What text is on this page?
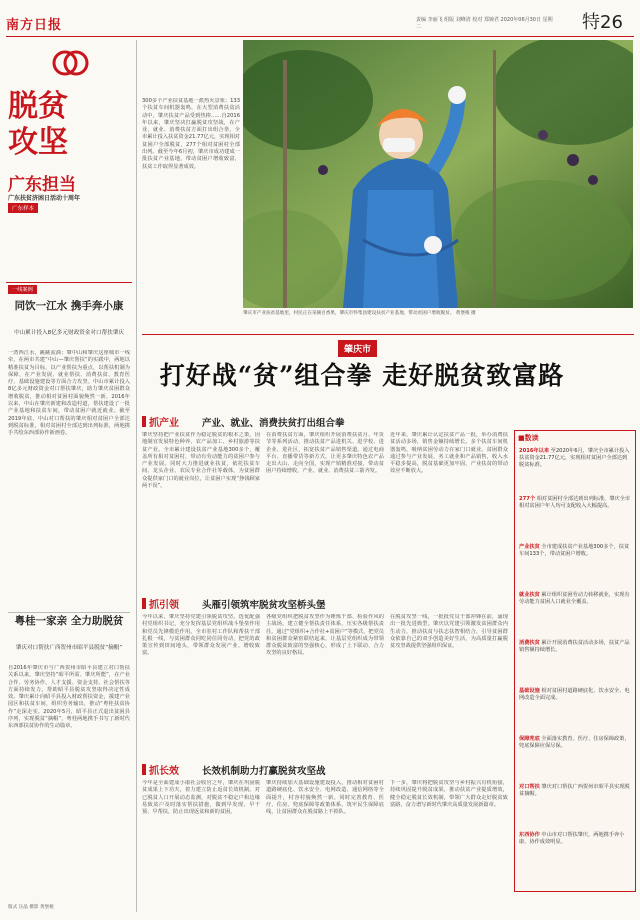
南方日报
脱贫
攻坚
广东担当
广东扶贫济困日活动十周年
广东样本
责编 李丽飞 组版 刘峰清 校对 郑婉君 2020年06月30日 星期二	特26
一线案例
同饮一江水 携手奔小康
中山累计投入8亿多元财政资金对口帮扶肇庆
一湾西江水，跳跳流淌；肇中山和肇庆这座城市一线牵，在两市共建“中山—肇庆帮扶”的实践中，两地以精准扶贫为目标，以产业帮扶为重点，以帮扶机制为保障，在产业发展、就业帮扶、消费扶贫、教育医疗、基础设施建设等方面合力攻坚。中山市累计投入8亿多元财政资金对口帮扶肇庆，助力肇庆贫困群众增收脱贫，推动相对贫困村面貌焕然一新。2016年以来，中山在肇庆新建和改造村道，帮扶建设了一批产业基地和扶贫车间，带动贫困户就近就业。截至2019年底，中山对口帮扶的肇庆相对贫困户全部达到脱贫标准，相对贫困村全部达到出列标准，两地携手共绘东西部协作新画卷。
粤桂一家亲 全力助脱贫
肇庆对口帮扶广西贺州市昭平县脱贫“摘帽”
自2016年肇庆市与广西贺州市昭平县建立对口帮扶关系以来，肇庆坚持“昭平所需、肇庆所能”，在产业合作、劳务协作、人才支援、资金支持、社会帮扶等方面持续发力，帮助昭平县脱贫攻坚取得决定性成效。肇庆累计向昭平县投入财政帮扶资金，援建产业园区和扶贫车间，组织劳务输出，推动“粤桂扶贫协作”走深走实。2020年5月，昭平县正式退出贫困县序列，实现脱贫“摘帽”，粤桂两地携手书写了新时代东西部扶贫协作的生动篇章。
版式 汪晶 摄影 黄堡根
300多个产业扶贫基地一派热火景象；133个扶贫车间机器轰鸣，在大型消费扶贫活动中，肇庆扶贫产品受到热捧……自2016年以来，肇庆坚决打赢脱贫攻坚战，在产业、就业、消费扶贫方面打出组合拳，全市累计投入扶贫资金21.77亿元，实现相对贫困户全部脱贫，277个相对贫困村全部出列。截至今年6月初，肇庆市成功建成一批扶贫产业基地，带动贫困户增收致富，扶贫工作取得显著成效。
肇庆市产业扶贫基地里，村民正在采摘百香果，肇庆市怀集县建设扶贫产业基地，带动贫困户增收脱贫。 黄堡根 摄
肇庆市
打好战“贫”组合拳 走好脱贫致富路
抓产业 产业、就业、消费扶贫打出组合拳
肇庆坚持把产业扶贫作为稳定脱贫的根本之策，因地制宜发展特色种养、农产品加工、乡村旅游等扶贫产业。全市累计建设扶贫产业基地300多个，覆盖所有相对贫困村，带动有劳动能力的贫困户参与产业发展。同时大力推进就业扶贫，依托扶贫车间、龙头企业、农民专业合作社等载体，为贫困群众提供家门口的就业岗位，让贫困户实现“挣钱顾家两不误”。
在消费扶贫方面，肇庆组织开展消费扶贫月、年货节等系列活动，推动扶贫产品进机关、进学校、进企业、进社区，拓宽扶贫产品销售渠道。通过电商平台、直播带货等新方式，让更多肇庆特色农产品走出大山、走向全国，实现产销精准对接，带动贫困户持续增收，产业、就业、消费扶贫三箭齐发。
近年来，肇庆累计认定扶贫产品一批，举办消费扶贫活动多场，销售金额持续增长。多个扶贫车间机器轰鸣，吸纳贫困劳动力在家门口就业。贫困群众通过参与产业发展、务工就业和产品销售，收入水平稳步提高，脱贫基础更加牢固，产业扶贫的带动效应不断放大。
抓引领 头雁引领筑牢脱贫攻坚桥头堡
今年以来，肇庆坚持党建引领脱贫攻坚，选优配强村党组织书记，充分发挥基层党组织战斗堡垒作用和党员先锋模范作用。全市驻村工作队和帮扶干部扎根一线，与贫困群众同吃同住同劳动，把党的政策宣传到田间地头，带领群众发展产业、增收致富。
各级党组织把脱贫攻坚作为锤炼干部、检验作风的主战场，建立健全帮扶责任体系，压实各级帮扶责任。通过“党组织+合作社+贫困户”等模式，把党员和贫困群众紧密联结起来，让基层党组织成为带领群众脱贫致富的坚强核心，形成了上下联动、合力攻坚的良好格局。
在脱贫攻坚一线，一批批党员干部冲锋在前，涌现出一批先进典型。肇庆以党建引领激发贫困群众内生动力，推动扶贫与扶志扶智相结合，引导贫困群众依靠自己的双手创造美好生活，为高质量打赢脱贫攻坚战提供坚强组织保证。
抓长效 长效机制助力打赢脱贫攻坚战
今年是全面建成小康社会收官之年，肇庆在巩固脱贫成果上下功夫，着力建立防止返贫长效机制。对已脱贫人口开展动态监测，对脱贫不稳定户和边缘易致贫户及时落实帮扶措施，做到早发现、早干预、早帮扶，防止出现返贫和新的贫困。
肇庆持续加大基础设施建设投入，推动相对贫困村道路硬底化、饮水安全、电网改造、通信网络等全面提升，村容村貌焕然一新。同时完善教育、医疗、住房、兜底保障等政策体系，筑牢民生保障底线，让贫困群众在脱贫路上不掉队。
下一步，肇庆将把脱贫攻坚与乡村振兴有机衔接，持续巩固提升脱贫成果，推动扶贫产业提质增效，健全稳定脱贫长效机制，带领广大群众走好脱贫致富路，奋力谱写新时代肇庆高质量发展新篇章。
■数读
2016年以来 至2020年6月，肇庆全市累计投入扶贫资金21.77亿元，实现相对贫困户全部达到脱贫标准。
277个 相对贫困村全部达到出列标准，肇庆全市相对贫困户年人均可支配收入大幅提高。
产业扶贫 全市建成扶贫产业基地300多个，扶贫车间133个，带动贫困户增收。
就业扶贫 累计组织贫困劳动力转移就业，实现有劳动能力贫困人口就业全覆盖。
消费扶贫 累计开展消费扶贫活动多场，扶贫产品销售额持续增长。
基础设施 相对贫困村道路硬底化、饮水安全、电网改造全面完成。
保障兜底 全面落实教育、医疗、住房保障政策，兜底保障应保尽保。
对口帮扶 肇庆对口帮扶广西贺州市昭平县实现脱贫摘帽。
东西协作 中山市对口帮扶肇庆，两地携手奔小康，协作成效明显。
